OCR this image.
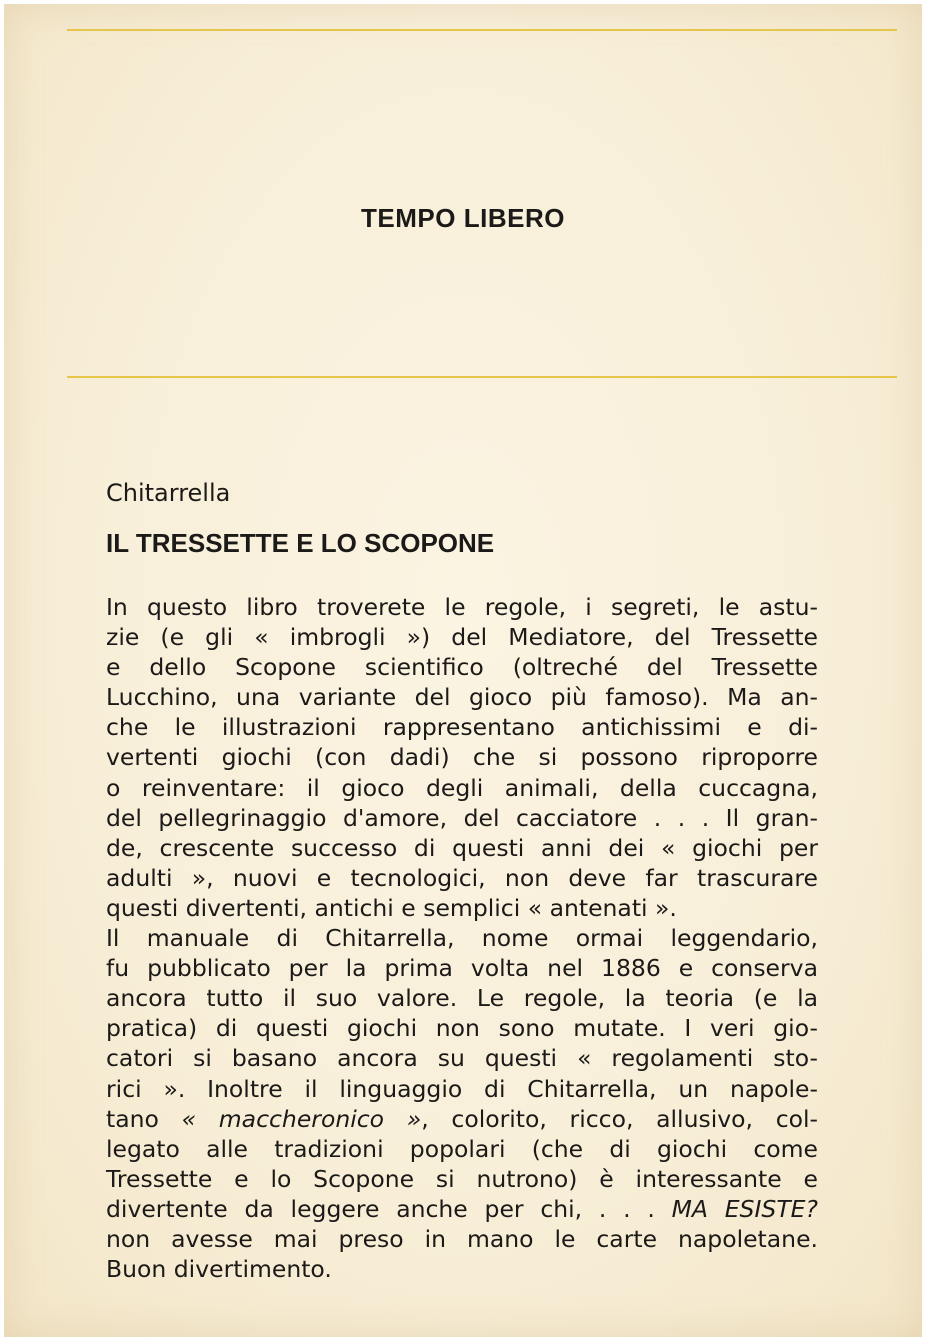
TEMPO LIBERO
Chitarrella
IL TRESSETTE E LO SCOPONE
In questo libro troverete le regole, i segreti, le astu-
zie (e gli « imbrogli ») del Mediatore, del Tressette
e dello Scopone scientifico (oltreché del Tressette
Lucchino, una variante del gioco più famoso). Ma an-
che le illustrazioni rappresentano antichissimi e di-
vertenti giochi (con dadi) che si possono riproporre
o reinventare: il gioco degli animali, della cuccagna,
del pellegrinaggio d'amore, del cacciatore . . . Il gran-
de, crescente successo di questi anni dei « giochi per
adulti », nuovi e tecnologici, non deve far trascurare
questi divertenti, antichi e semplici « antenati ».
Il manuale di Chitarrella, nome ormai leggendario,
fu pubblicato per la prima volta nel 1886 e conserva
ancora tutto il suo valore. Le regole, la teoria (e la
pratica) di questi giochi non sono mutate. I veri gio-
catori si basano ancora su questi « regolamenti sto-
rici ». Inoltre il linguaggio di Chitarrella, un napole-
tano « maccheronico », colorito, ricco, allusivo, col-
legato alle tradizioni popolari (che di giochi come
Tressette e lo Scopone si nutrono) è interessante e
divertente da leggere anche per chi, . . . MA ESISTE?
non avesse mai preso in mano le carte napoletane.
Buon divertimento.
